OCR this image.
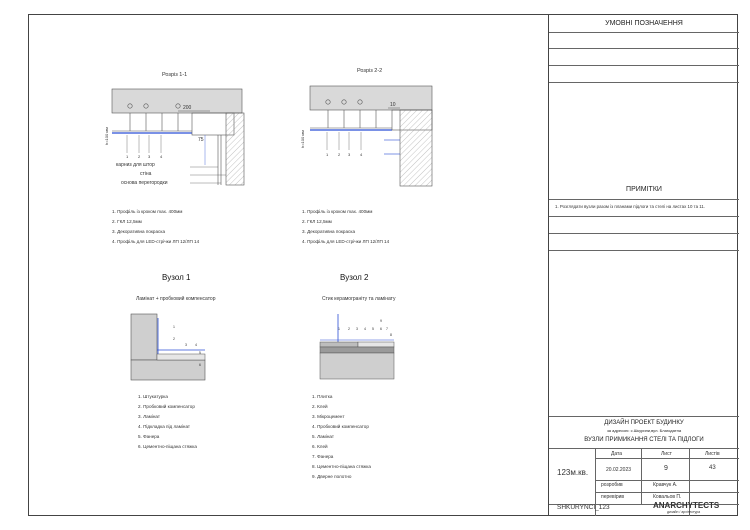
Розріз 1-1
200
75
h=100 мм
1 2 3 4
карниз для штор
стіна
основа перегородки
1. Профіль із кроком max. 400мм
2. ГКЛ 12,5мм
3. Декоративна покраска
4. Профіль для LED-стрічки ЛП 12/ЛП 14
Розріз 2-2
10
h=100 мм
1 2 3 4
1. Профіль із кроком max. 400мм
2. ГКЛ 12,5мм
3. Декоративна покраска
4. Профіль для LED-стрічки ЛП 12/ЛП 14
Вузол 1
Ламінат + пробковий компенсатор
1
2
3 4
5
6
1. Штукатурка
2. Пробковий компенсатор
3. Ламінат
4. Підкладка під ламінат
5. Фанера
6. Цементно-піщана стяжка
Вузол 2
Стик керамограніту та ламінату
9
1 2 3 4 5 6 7
8
1. Плитка
2. Клей
3. Мікроцемент
4. Пробковий компенсатор
5. Ламінат
6. Клей
7. Фанера
8. Цементно-піщана стяжка
9. Дверне полотно
УМОВНІ ПОЗНАЧЕННЯ
ПРИМІТКИ
1. Розглядати вузли разом із планами підлоги та стелі на листах 10 та 11.
ДИЗАЙН ПРОЕКТ БУДИНКУ
за адресою: с.Шкурини,вул. Благодатна
ВУЗЛИ ПРИМИКАННЯ СТЕЛІ ТА ПІДЛОГИ
Дата	Лист	Листів
123м.кв.	20.02.2023	9	43
розробив	Кравчук А.
перевірив	Ковальов П.
SHKURYNCI_123	ANARCHYTECTS
дизайн / архітектура
